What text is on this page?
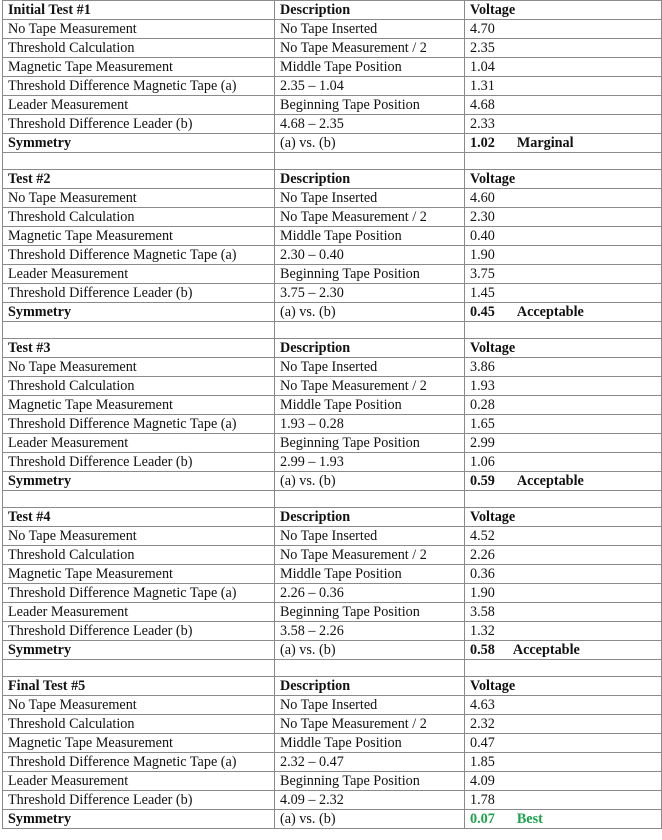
Initial Test #1	Description	Voltage
No Tape Measurement	No Tape Inserted	4.70
Threshold Calculation	No Tape Measurement / 2	2.35
Magnetic Tape Measurement	Middle Tape Position	1.04
Threshold Difference Magnetic Tape (a)	2.35 – 1.04	1.31
Leader Measurement	Beginning Tape Position	4.68
Threshold Difference Leader (b)	4.68 – 2.35	2.33
Symmetry	(a) vs. (b)	1.02 Marginal

Test #2	Description	Voltage
No Tape Measurement	No Tape Inserted	4.60
Threshold Calculation	No Tape Measurement / 2	2.30
Magnetic Tape Measurement	Middle Tape Position	0.40
Threshold Difference Magnetic Tape (a)	2.30 – 0.40	1.90
Leader Measurement	Beginning Tape Position	3.75
Threshold Difference Leader (b)	3.75 – 2.30	1.45
Symmetry	(a) vs. (b)	0.45 Acceptable

Test #3	Description	Voltage
No Tape Measurement	No Tape Inserted	3.86
Threshold Calculation	No Tape Measurement / 2	1.93
Magnetic Tape Measurement	Middle Tape Position	0.28
Threshold Difference Magnetic Tape (a)	1.93 – 0.28	1.65
Leader Measurement	Beginning Tape Position	2.99
Threshold Difference Leader (b)	2.99 – 1.93	1.06
Symmetry	(a) vs. (b)	0.59 Acceptable

Test #4	Description	Voltage
No Tape Measurement	No Tape Inserted	4.52
Threshold Calculation	No Tape Measurement / 2	2.26
Magnetic Tape Measurement	Middle Tape Position	0.36
Threshold Difference Magnetic Tape (a)	2.26 – 0.36	1.90
Leader Measurement	Beginning Tape Position	3.58
Threshold Difference Leader (b)	3.58 – 2.26	1.32
Symmetry	(a) vs. (b)	0.58 Acceptable

Final Test #5	Description	Voltage
No Tape Measurement	No Tape Inserted	4.63
Threshold Calculation	No Tape Measurement / 2	2.32
Magnetic Tape Measurement	Middle Tape Position	0.47
Threshold Difference Magnetic Tape (a)	2.32 – 0.47	1.85
Leader Measurement	Beginning Tape Position	4.09
Threshold Difference Leader (b)	4.09 – 2.32	1.78
Symmetry	(a) vs. (b)	0.07 Best
